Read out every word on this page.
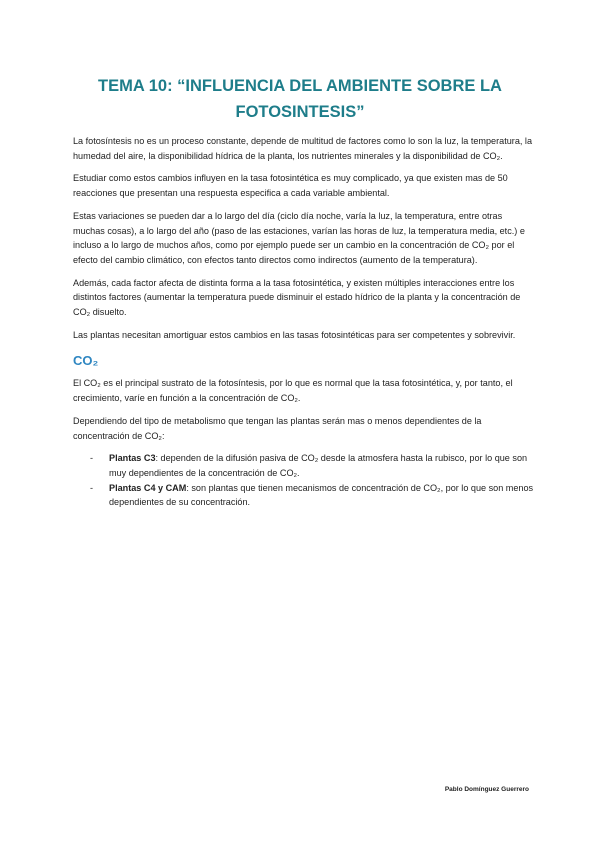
TEMA 10: “INFLUENCIA DEL AMBIENTE SOBRE LA FOTOSINTESIS”

La fotosíntesis no es un proceso constante, depende de multitud de factores como lo son la luz, la temperatura, la humedad del aire, la disponibilidad hídrica de la planta, los nutrientes minerales y la disponibilidad de CO₂.

Estudiar como estos cambios influyen en la tasa fotosintética es muy complicado, ya que existen mas de 50 reacciones que presentan una respuesta especifica a cada variable ambiental.

Estas variaciones se pueden dar a lo largo del día (ciclo día noche, varía la luz, la temperatura, entre otras muchas cosas), a lo largo del año (paso de las estaciones, varían las horas de luz, la temperatura media, etc.) e incluso a lo largo de muchos años, como por ejemplo puede ser un cambio en la concentración de CO₂ por el efecto del cambio climático, con efectos tanto directos como indirectos (aumento de la temperatura).

Además, cada factor afecta de distinta forma a la tasa fotosintética, y existen múltiples interacciones entre los distintos factores (aumentar la temperatura puede disminuir el estado hídrico de la planta y la concentración de CO₂ disuelto.

Las plantas necesitan amortiguar estos cambios en las tasas fotosintéticas para ser competentes y sobrevivir.

CO₂

El CO₂ es el principal sustrato de la fotosíntesis, por lo que es normal que la tasa fotosintética, y, por tanto, el crecimiento, varíe en función a la concentración de CO₂.

Dependiendo del tipo de metabolismo que tengan las plantas serán mas o menos dependientes de la concentración de CO₂:

- Plantas C3: dependen de la difusión pasiva de CO₂ desde la atmosfera hasta la rubisco, por lo que son muy dependientes de la concentración de CO₂.
- Plantas C4 y CAM: son plantas que tienen mecanismos de concentración de CO₂, por lo que son menos dependientes de su concentración.
Pablo Domínguez Guerrero
